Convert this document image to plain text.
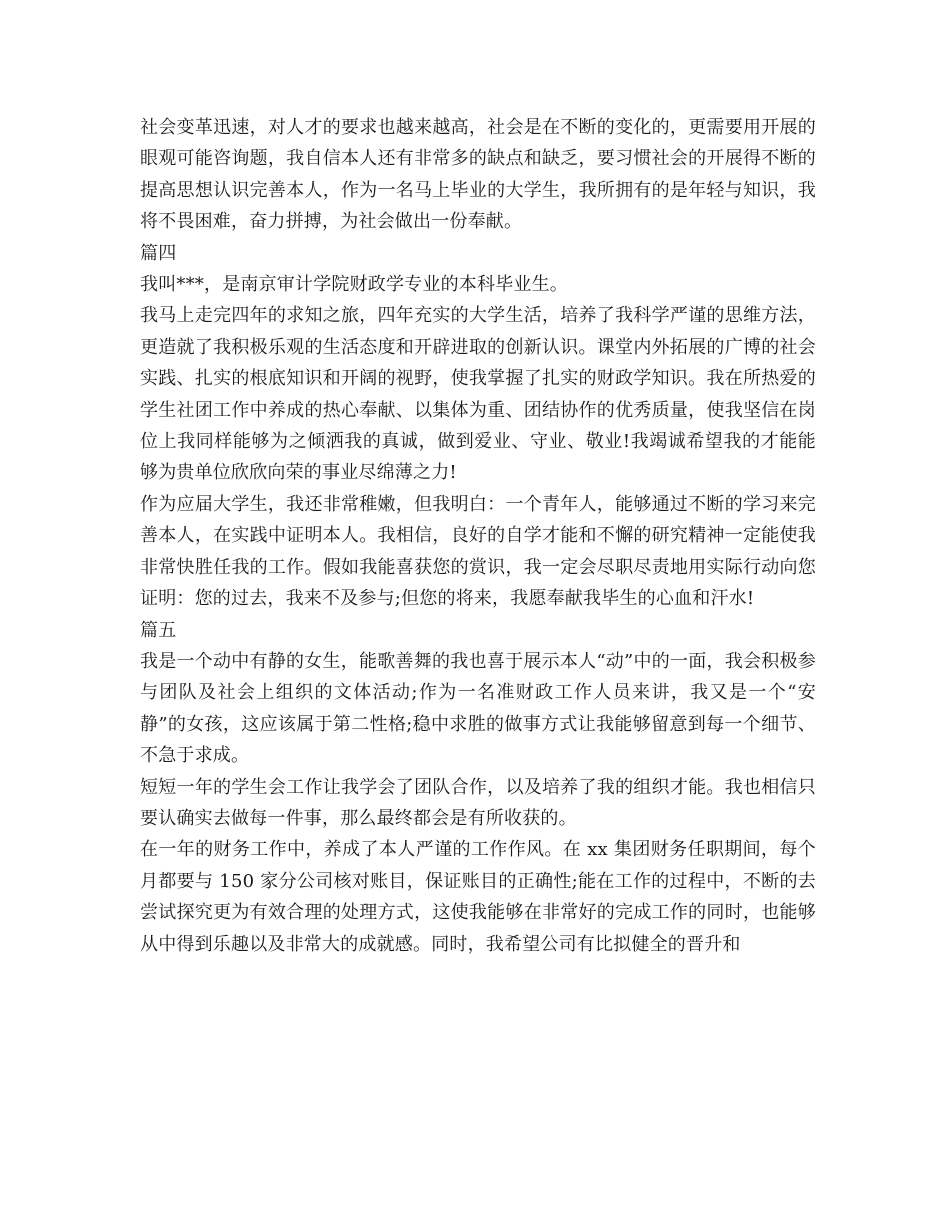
社会变革迅速，对人才的要求也越来越高，社会是在不断的变化的，更需要用开展的眼观可能咨询题，我自信本人还有非常多的缺点和缺乏，要习惯社会的开展得不断的提高思想认识完善本人，作为一名马上毕业的大学生，我所拥有的是年轻与知识，我将不畏困难，奋力拼搏，为社会做出一份奉献。

篇四

我叫***，是南京审计学院财政学专业的本科毕业生。

我马上走完四年的求知之旅，四年充实的大学生活，培养了我科学严谨的思维方法，更造就了我积极乐观的生活态度和开辟进取的创新认识。课堂内外拓展的广博的社会实践、扎实的根底知识和开阔的视野，使我掌握了扎实的财政学知识。我在所热爱的学生社团工作中养成的热心奉献、以集体为重、团结协作的优秀质量，使我坚信在岗位上我同样能够为之倾洒我的真诚，做到爱业、守业、敬业!我竭诚希望我的才能能够为贵单位欣欣向荣的事业尽绵薄之力!

作为应届大学生，我还非常稚嫩，但我明白：一个青年人，能够通过不断的学习来完善本人，在实践中证明本人。我相信，良好的自学才能和不懈的研究精神一定能使我非常快胜任我的工作。假如我能喜获您的赏识，我一定会尽职尽责地用实际行动向您证明：您的过去，我来不及参与;但您的将来，我愿奉献我毕生的心血和汗水!

篇五

我是一个动中有静的女生，能歌善舞的我也喜于展示本人“动”中的一面，我会积极参与团队及社会上组织的文体活动;作为一名准财政工作人员来讲，我又是一个“安静”的女孩，这应该属于第二性格;稳中求胜的做事方式让我能够留意到每一个细节、不急于求成。

短短一年的学生会工作让我学会了团队合作，以及培养了我的组织才能。我也相信只要认确实去做每一件事，那么最终都会是有所收获的。

在一年的财务工作中，养成了本人严谨的工作作风。在 xx 集团财务任职期间，每个月都要与 150 家分公司核对账目，保证账目的正确性;能在工作的过程中，不断的去尝试探究更为有效合理的处理方式，这使我能够在非常好的完成工作的同时，也能够从中得到乐趣以及非常大的成就感。同时，我希望公司有比拟健全的晋升和
